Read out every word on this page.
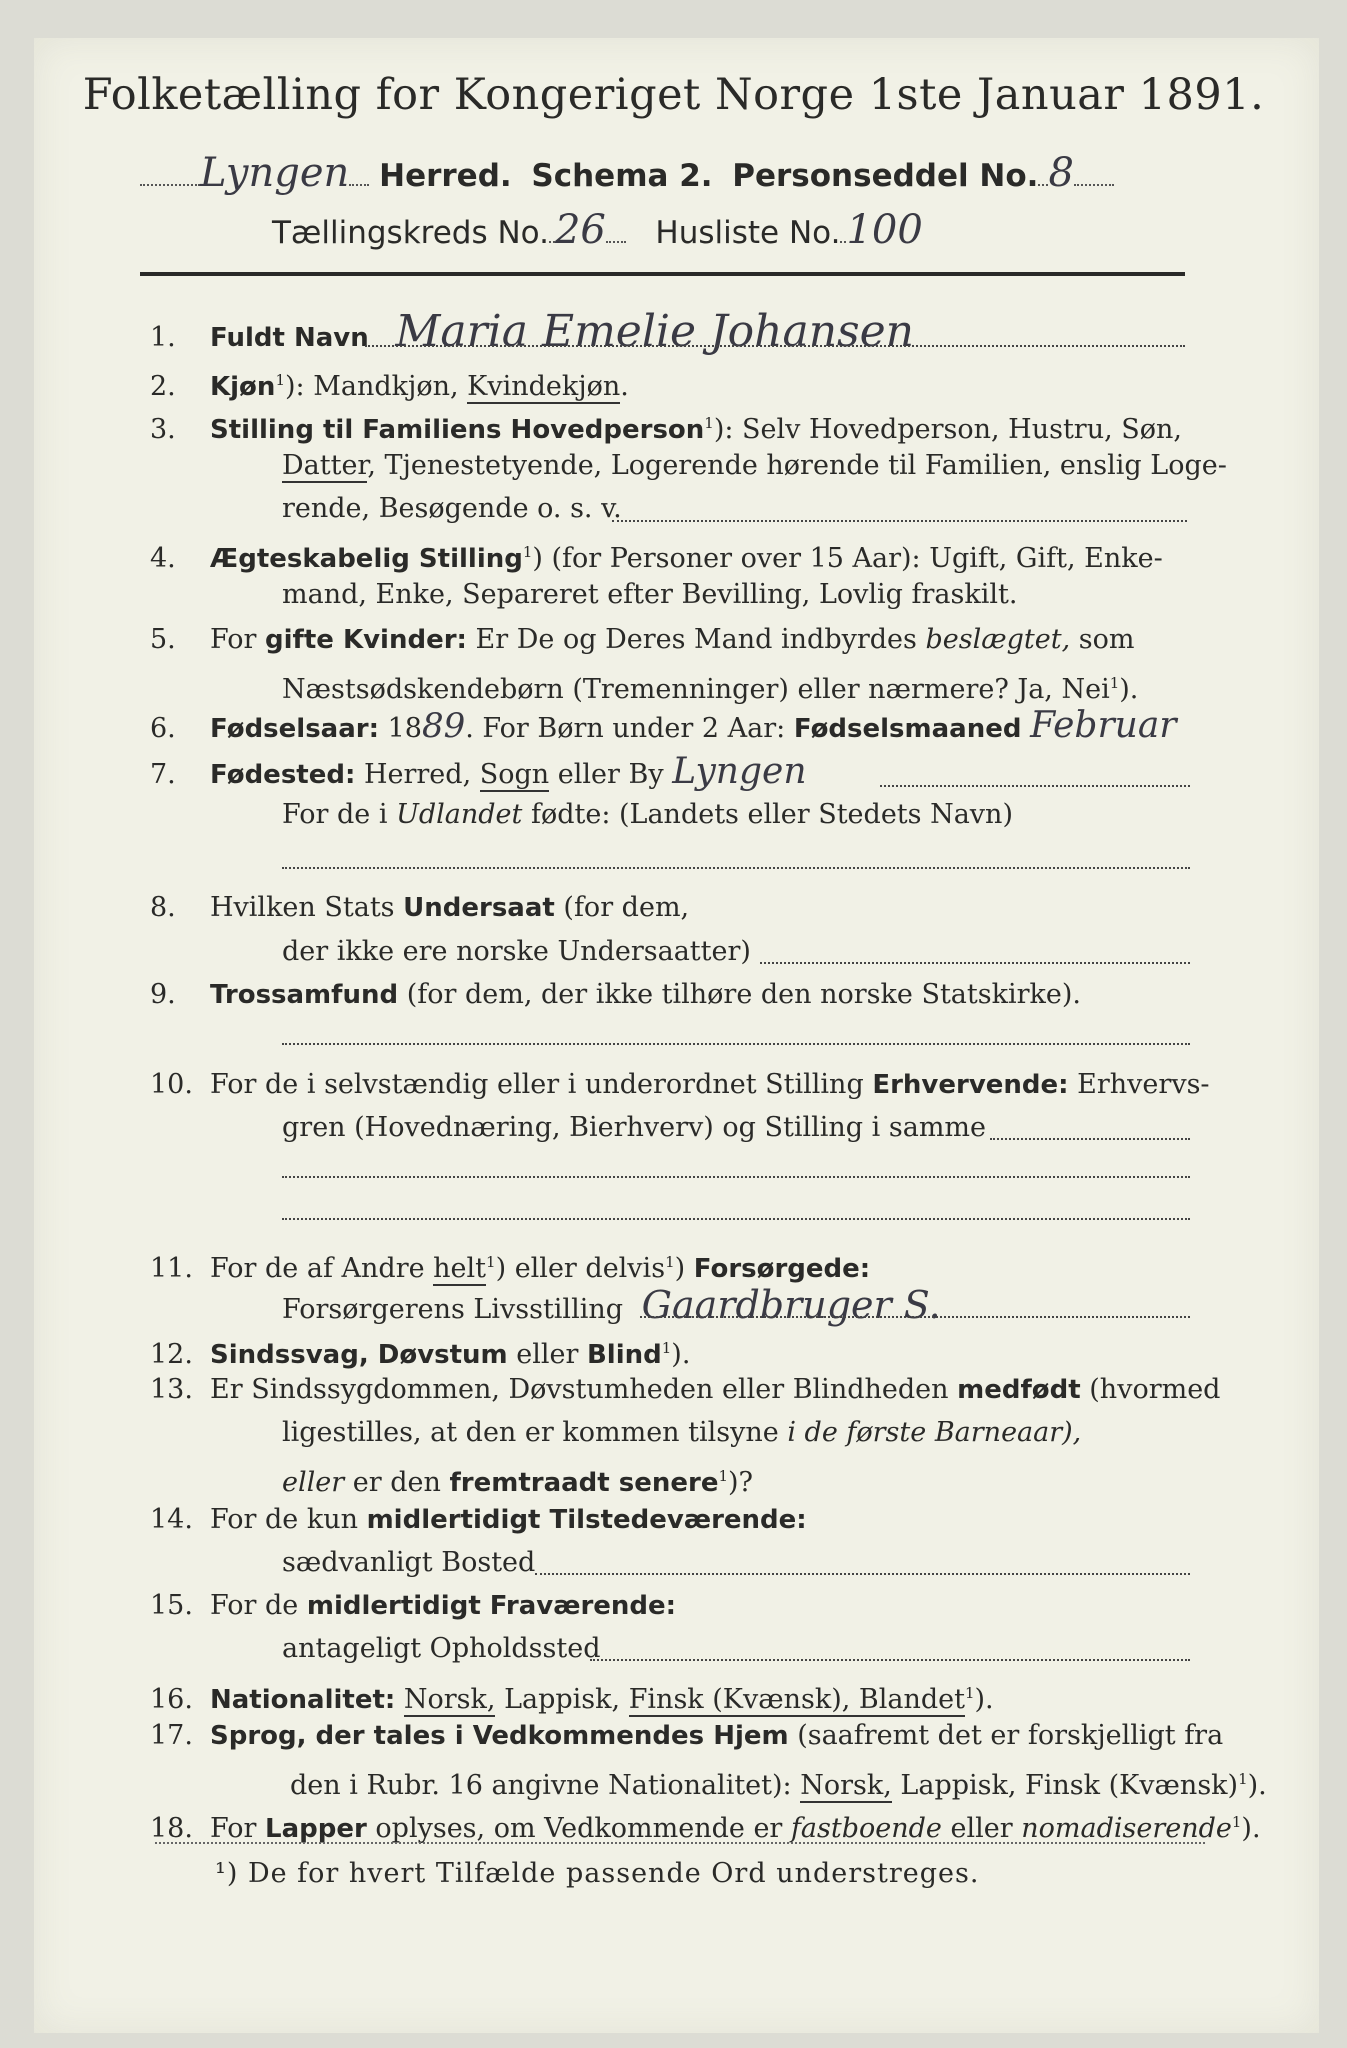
Folketælling for Kongeriget Norge 1ste Januar 1891.
Lyngen Herred. Schema 2. Personseddel No. 8
Tællingskreds No. 26 Husliste No. 100
1. Fuldt Navn Maria Emelie Johansen
2. Kjøn$^1$): Mandkjøn, Kvindekjøn.
3. Stilling til Familiens Hovedperson$^1$): Selv Hovedperson, Hustru, Søn,
Datter, Tjenestetyende, Logerende hørende til Familien, enslig Loge-
rende, Besøgende o. s. v.
4. Ægteskabelig Stilling$^1$) (for Personer over 15 Aar): Ugift, Gift, Enke-
mand, Enke, Separeret efter Bevilling, Lovlig fraskilt.
5. For gifte Kvinder: Er De og Deres Mand indbyrdes beslægtet, som
Næstsødskendebørn (Tremenninger) eller nærmere? Ja, Nei$^1$).
6. Fødselsaar: 1889. For Børn under 2 Aar: Fødselsmaaned Februar
7. Fødested: Herred, Sogn eller By Lyngen
For de i Udlandet fødte: (Landets eller Stedets Navn)
8. Hvilken Stats Undersaat (for dem,
der ikke ere norske Undersaatter)
9. Trossamfund (for dem, der ikke tilhøre den norske Statskirke).
10. For de i selvstændig eller i underordnet Stilling Erhvervende: Erhvervs-
gren (Hovednæring, Bierhverv) og Stilling i samme
11. For de af Andre helt$^1$) eller delvis$^1$) Forsørgede:
Forsørgerens Livsstilling Gaardbruger S.
12. Sindssvag, Døvstum eller Blind$^1$).
13. Er Sindssygdommen, Døvstumheden eller Blindheden medfødt (hvormed
ligestilles, at den er kommen tilsyne i de første Barneaar),
eller er den fremtraadt senere$^1$)?
14. For de kun midlertidigt Tilstedeværende:
sædvanligt Bosted
15. For de midlertidigt Fraværende:
antageligt Opholdssted
16. Nationalitet: Norsk, Lappisk, Finsk (Kvænsk), Blandet$^1$).
17. Sprog, der tales i Vedkommendes Hjem (saafremt det er forskjelligt fra
den i Rubr. 16 angivne Nationalitet): Norsk, Lappisk, Finsk (Kvænsk)$^1$).
18. For Lapper oplyses, om Vedkommende er fastboende eller nomadiserende$^1$).
¹) De for hvert Tilfælde passende Ord understreges.
